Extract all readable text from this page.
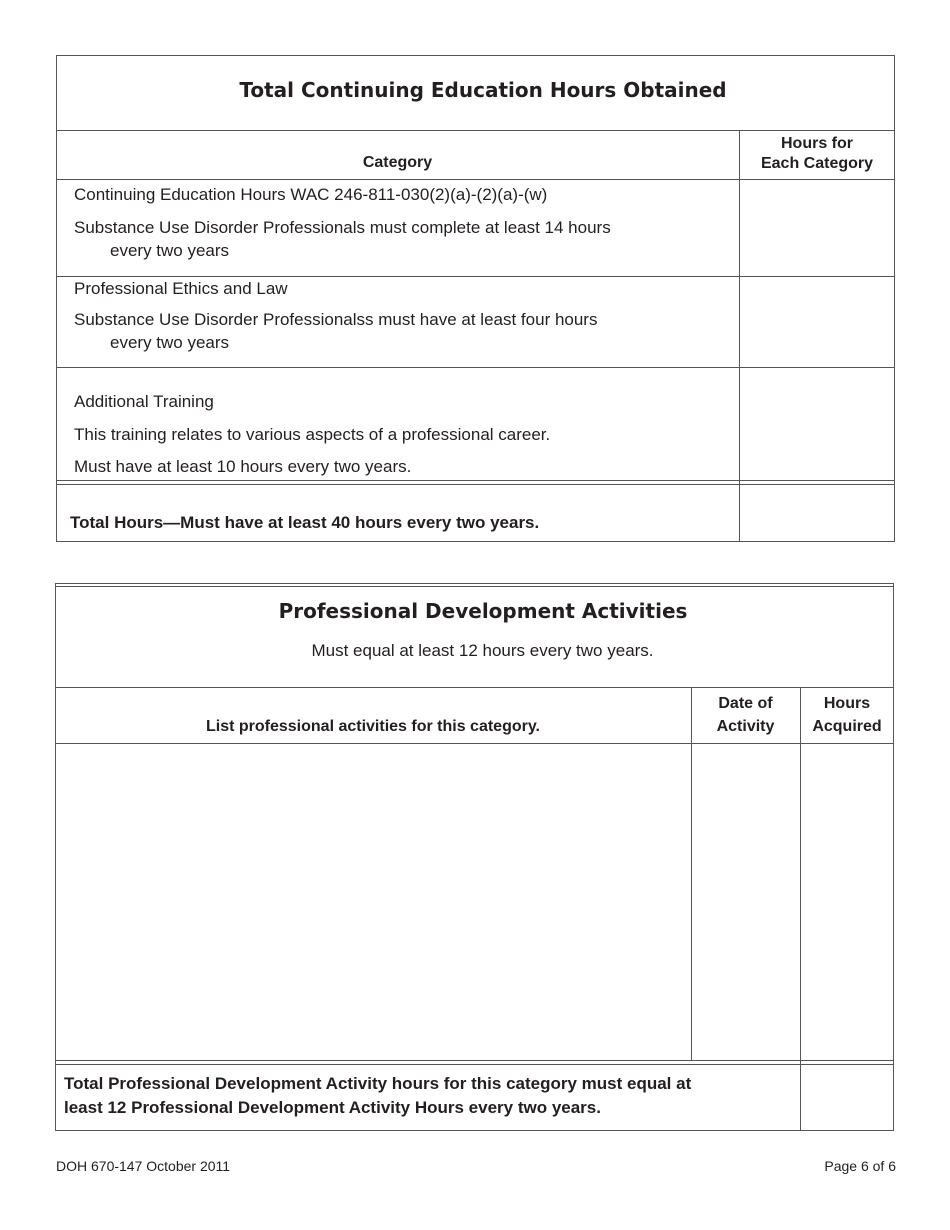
Total Continuing Education Hours Obtained
Category
Hours for
Each Category
Continuing Education Hours WAC 246-811-030(2)(a)-(2)(a)-(w)
Substance Use Disorder Professionals must complete at least 14 hours
every two years
Professional Ethics and Law
Substance Use Disorder Professionalss must have at least four hours
every two years
Additional Training
This training relates to various aspects of a professional career.
Must have at least 10 hours every two years.
Total Hours—Must have at least 40 hours every two years.
Professional Development Activities
Must equal at least 12 hours every two years.
List professional activities for this category.
Date of
Activity
Hours
Acquired
Total Professional Development Activity hours for this category must equal at
least 12 Professional Development Activity Hours every two years.
DOH 670-147 October 2011	Page 6 of 6
